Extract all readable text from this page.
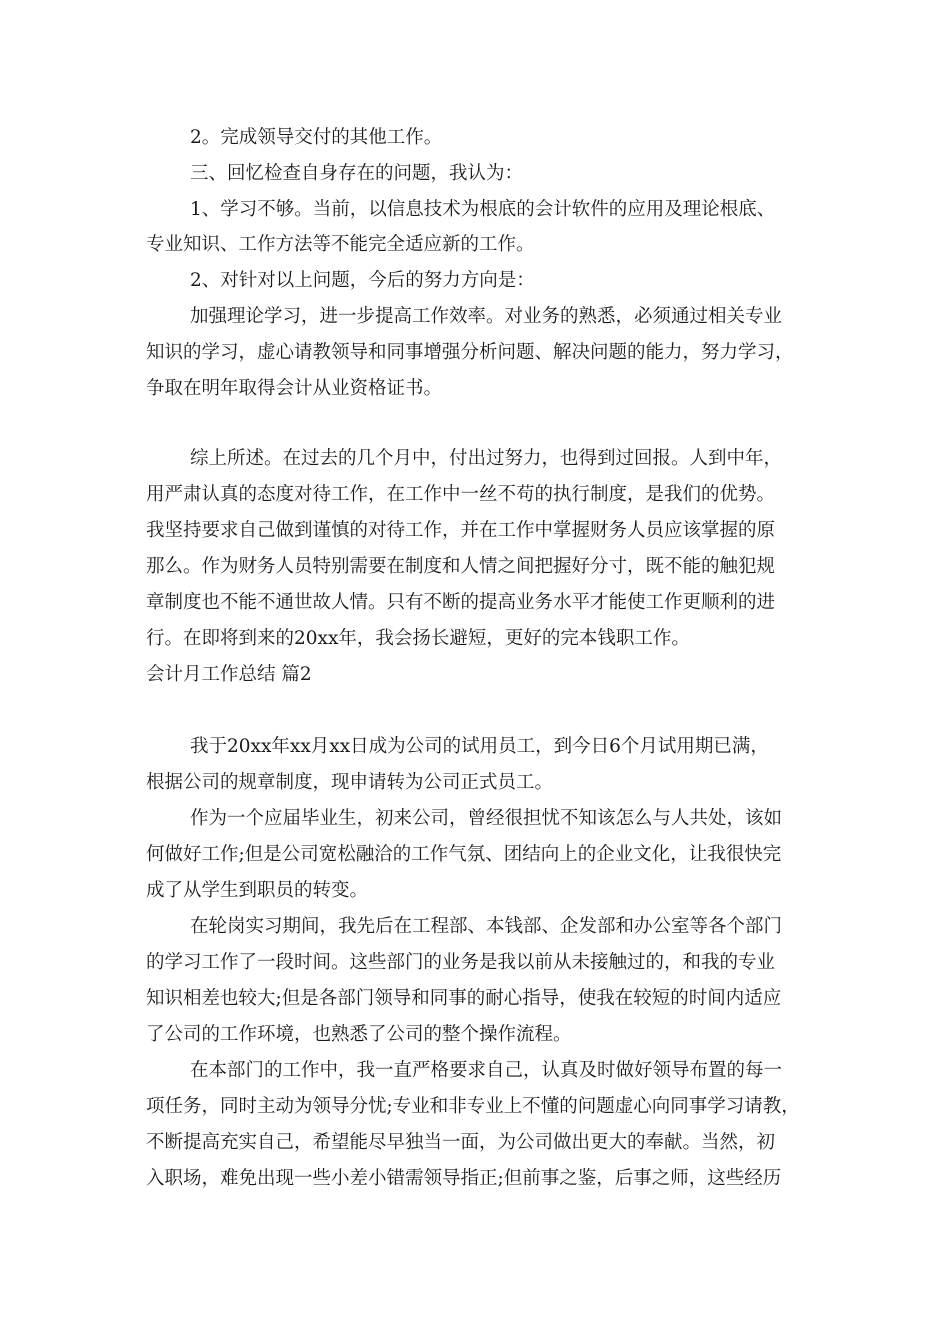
2。完成领导交付的其他工作。
三、回忆检查自身存在的问题，我认为：
1、学习不够。当前，以信息技术为根底的会计软件的应用及理论根底、
专业知识、工作方法等不能完全适应新的工作。
2、对针对以上问题，今后的努力方向是：
加强理论学习，进一步提高工作效率。对业务的熟悉，必须通过相关专业
知识的学习，虚心请教领导和同事增强分析问题、解决问题的能力，努力学习，
争取在明年取得会计从业资格证书。
综上所述。在过去的几个月中，付出过努力，也得到过回报。人到中年，
用严肃认真的态度对待工作，在工作中一丝不苟的执行制度，是我们的优势。
我坚持要求自己做到谨慎的对待工作，并在工作中掌握财务人员应该掌握的原
那么。作为财务人员特别需要在制度和人情之间把握好分寸，既不能的触犯规
章制度也不能不通世故人情。只有不断的提高业务水平才能使工作更顺利的进
行。在即将到来的20xx年，我会扬长避短，更好的完本钱职工作。
会计月工作总结 篇2
我于20xx年xx月xx日成为公司的试用员工，到今日6个月试用期已满，
根据公司的规章制度，现申请转为公司正式员工。
作为一个应届毕业生，初来公司，曾经很担忧不知该怎么与人共处，该如
何做好工作;但是公司宽松融洽的工作气氛、团结向上的企业文化，让我很快完
成了从学生到职员的转变。
在轮岗实习期间，我先后在工程部、本钱部、企发部和办公室等各个部门
的学习工作了一段时间。这些部门的业务是我以前从未接触过的，和我的专业
知识相差也较大;但是各部门领导和同事的耐心指导，使我在较短的时间内适应
了公司的工作环境，也熟悉了公司的整个操作流程。
在本部门的工作中，我一直严格要求自己，认真及时做好领导布置的每一
项任务，同时主动为领导分忧;专业和非专业上不懂的问题虚心向同事学习请教，
不断提高充实自己，希望能尽早独当一面，为公司做出更大的奉献。当然，初
入职场，难免出现一些小差小错需领导指正;但前事之鉴，后事之师，这些经历
